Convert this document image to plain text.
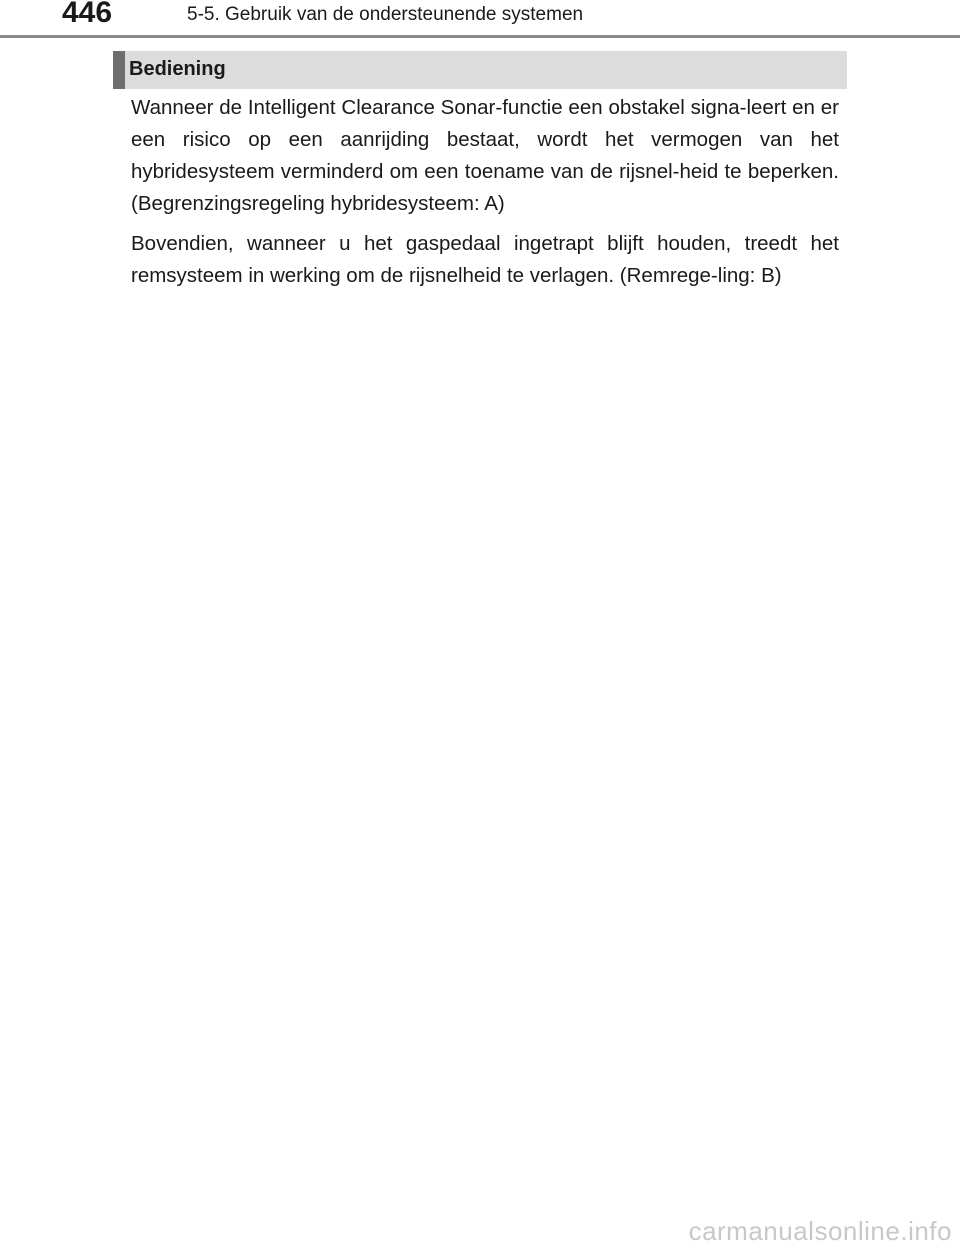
446	5-5. Gebruik van de ondersteunende systemen
Bediening

Wanneer de Intelligent Clearance Sonar-functie een obstakel signa-leert en er een risico op een aanrijding bestaat, wordt het vermogen van het hybridesysteem verminderd om een toename van de rijsnel-heid te beperken. (Begrenzingsregeling hybridesysteem: A)

Bovendien, wanneer u het gaspedaal ingetrapt blijft houden, treedt het remsysteem in werking om de rijsnelheid te verlagen. (Remrege-ling: B)

carmanualsonline.info
